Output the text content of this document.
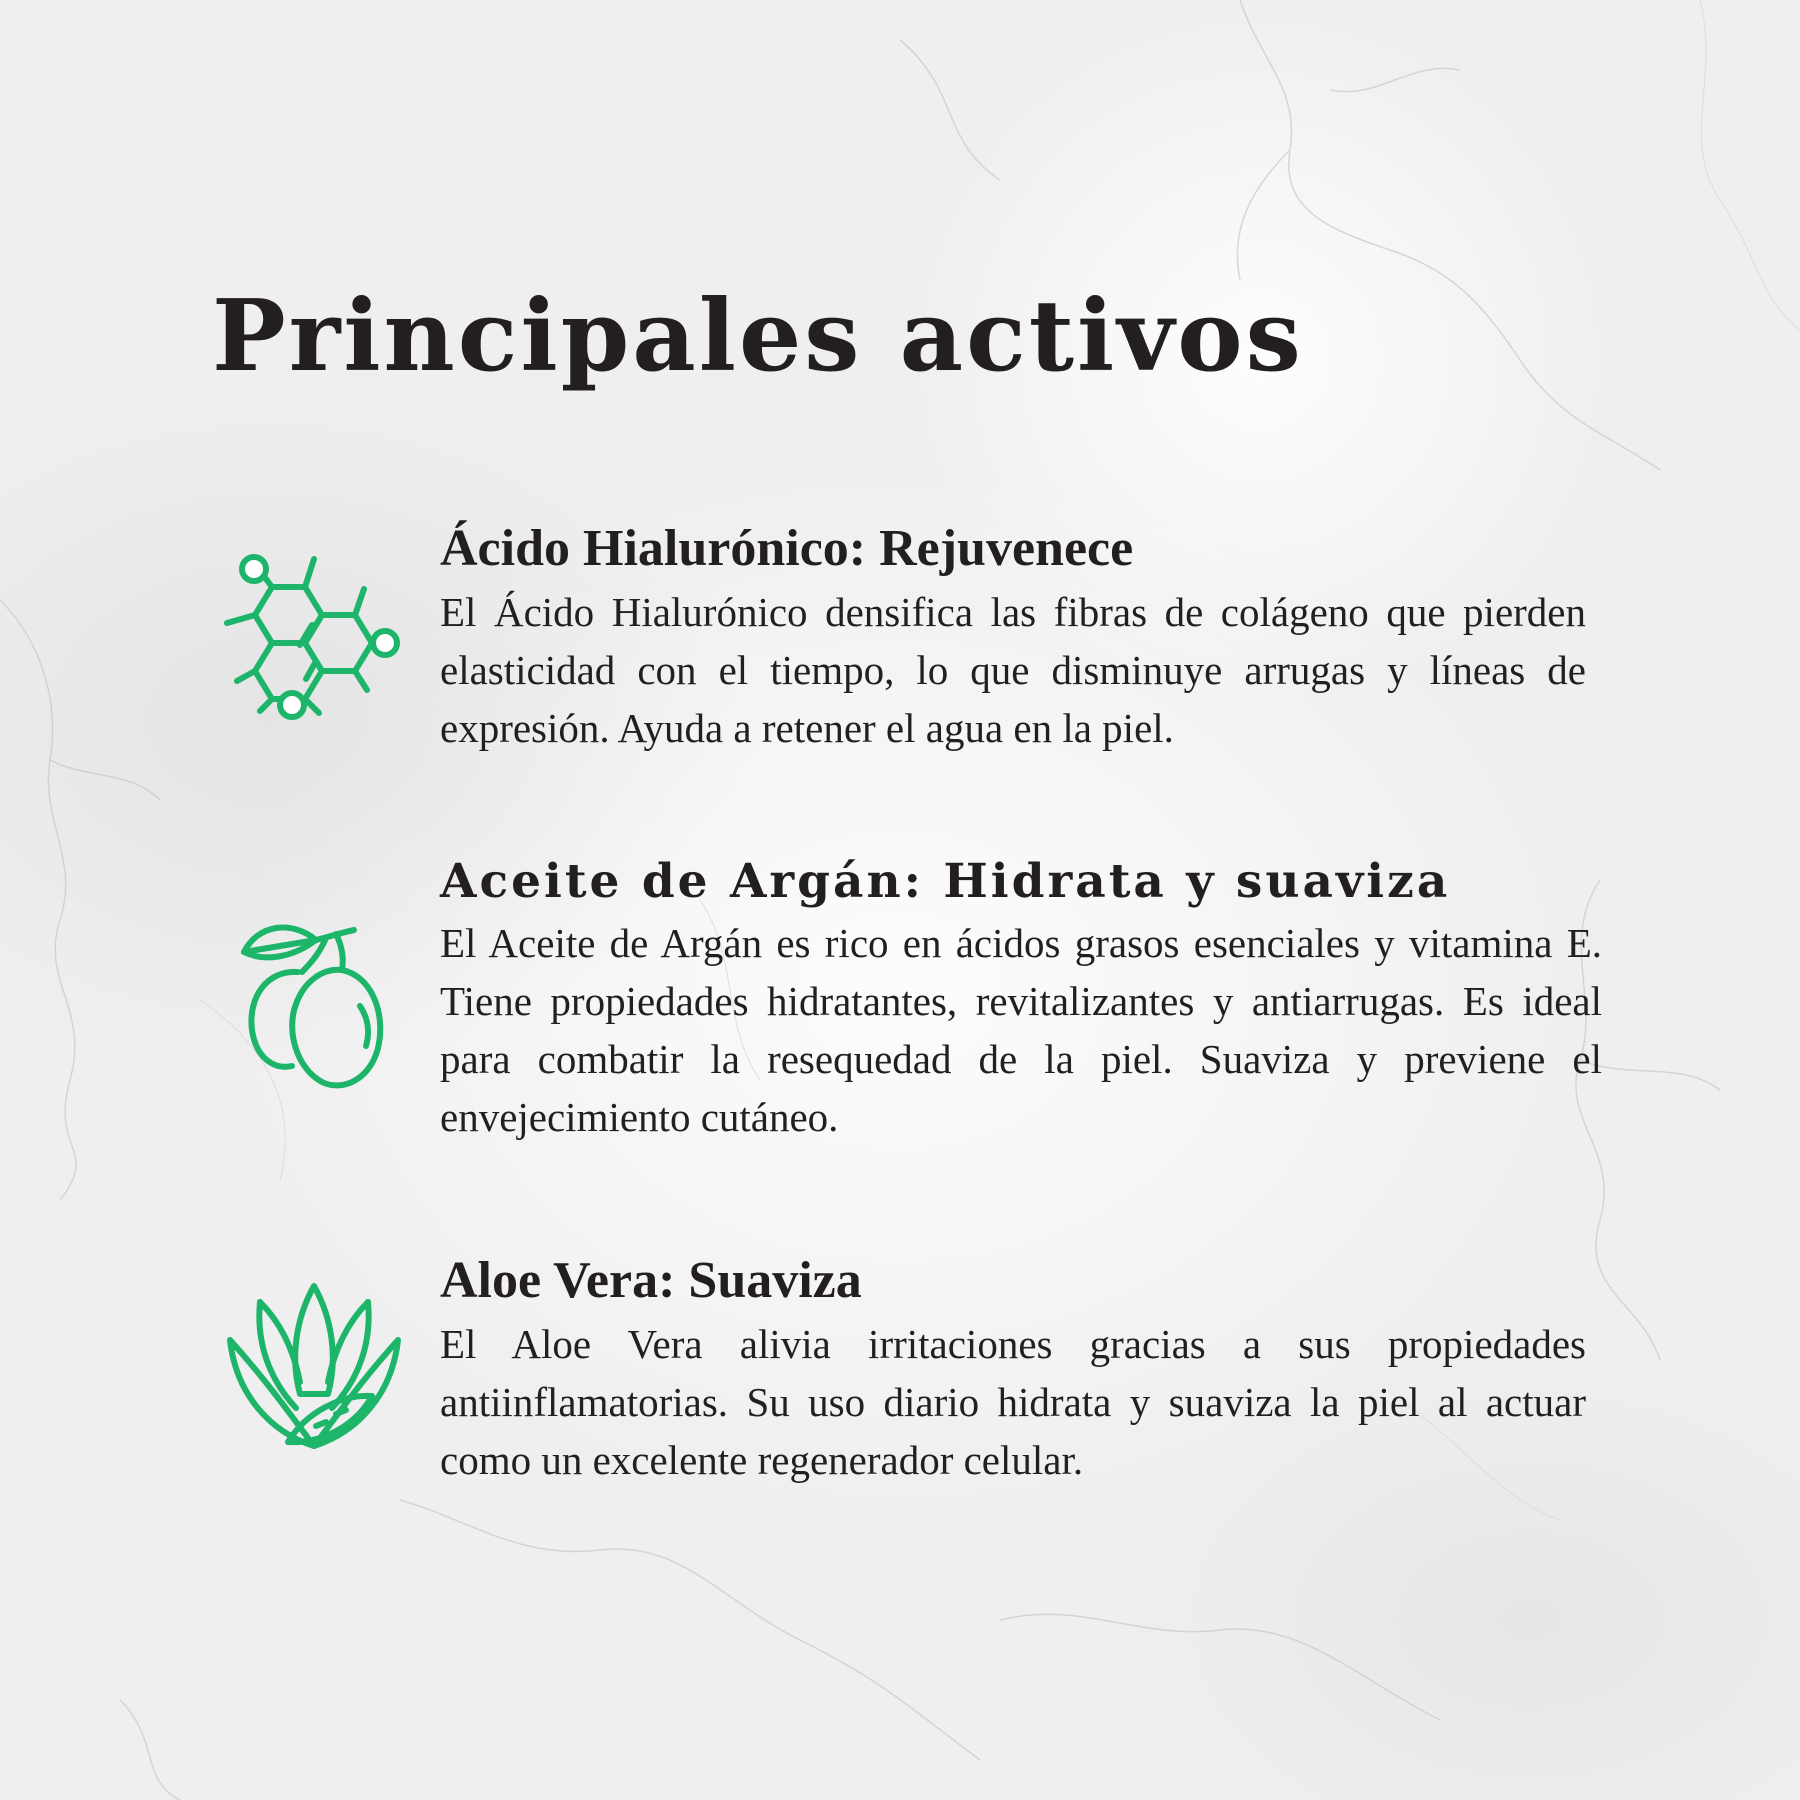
Principales activos
Ácido Hialurónico: Rejuvenece

El Ácido Hialurónico densifica las fibras de colágeno que pierden elasticidad con el tiempo, lo que disminuye arrugas y líneas de expresión. Ayuda a retener el agua en la piel.

Aceite de Argán: Hidrata y suaviza

El Aceite de Argán es rico en ácidos grasos esenciales y vitamina E. Tiene propiedades hidratantes, revitalizantes y antiarrugas. Es ideal para combatir la resequedad de la piel. Suaviza y previene el envejecimiento cutáneo.

Aloe Vera: Suaviza

El Aloe Vera alivia irritaciones gracias a sus propiedades antiinflamatorias. Su uso diario hidrata y suaviza la piel al actuar como un excelente regenerador celular.
